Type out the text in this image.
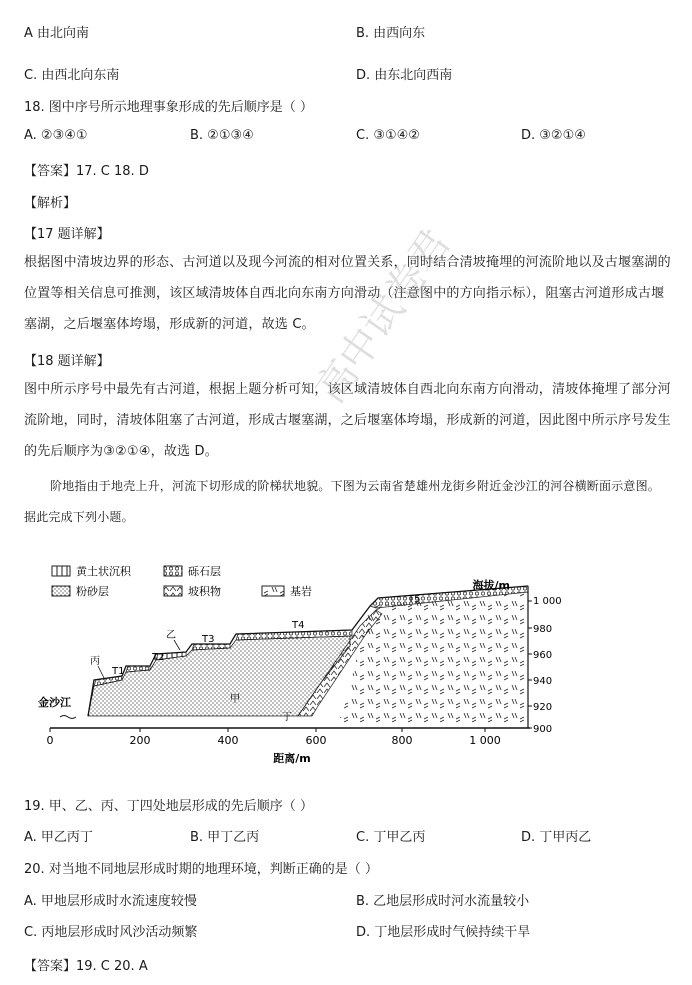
A 由北向南	B. 由西向东
C. 由西北向东南	D. 由东北向西南
18. 图中序号所示地理事象形成的先后顺序是（ ）
A. ②③④①	B. ②①③④	C. ③①④②	D. ③②①④
【答案】17. C 18. D
【解析】
【17 题详解】
根据图中清坡边界的形态、古河道以及现今河流的相对位置关系，同时结合清坡掩埋的河流阶地以及古堰塞湖的位置等相关信息可推测，该区域清坡体自西北向东南方向滑动（注意图中的方向指示标），阻塞古河道形成古堰塞湖，之后堰塞体垮塌，形成新的河道，故选 C。
【18 题详解】
图中所示序号中最先有古河道，根据上题分析可知，该区域清坡体自西北向东南方向滑动，清坡体掩埋了部分河流阶地，同时，清坡体阻塞了古河道，形成古堰塞湖，之后堰塞体垮塌，形成新的河道，因此图中所示序号发生的先后顺序为③②①④，故选 D。
阶地指由于地壳上升，河流下切形成的阶梯状地貌。下图为云南省楚雄州龙街乡附近金沙江的河谷横断面示意图。据此完成下列小题。
高中试卷君
黄土状沉积	砾石层
粉砂层	坡积物	基岩
0	200	400	600	800	1 000
距离/m
海拔/m
1 000
980
960
940
920
900
T1
T2
T3
T4
T5
丙
乙
甲
丁
金沙江
19. 甲、乙、丙、丁四处地层形成的先后顺序（ ）
A. 甲乙丙丁	B. 甲丁乙丙	C. 丁甲乙丙	D. 丁甲丙乙
20. 对当地不同地层形成时期的地理环境，判断正确的是（ ）
A. 甲地层形成时水流速度较慢	B. 乙地层形成时河水流量较小
C. 丙地层形成时风沙活动频繁	D. 丁地层形成时气候持续干旱
【答案】19. C 20. A
